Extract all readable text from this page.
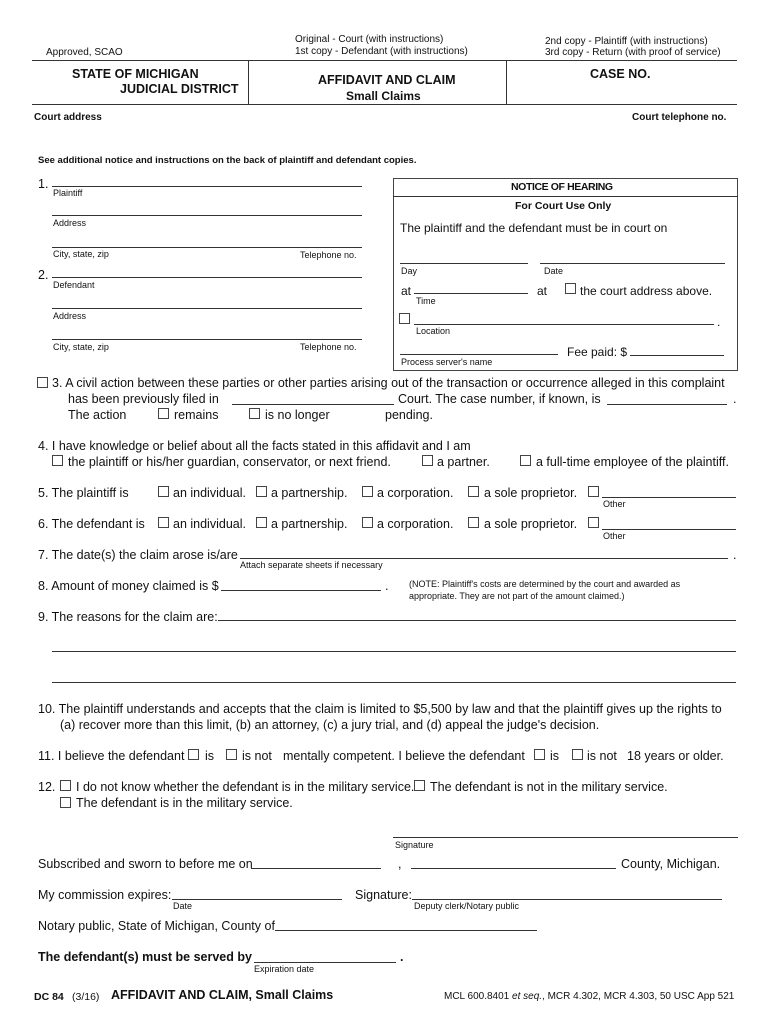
Approved, SCAO
Original - Court (with instructions)
1st copy - Defendant (with instructions)
2nd copy - Plaintiff (with instructions)
3rd copy - Return (with proof of service)
STATE OF MICHIGAN
JUDICIAL DISTRICT
AFFIDAVIT AND CLAIM
Small Claims
CASE NO.
Court address	Court telephone no.
See additional notice and instructions on the back of plaintiff and defendant copies.
1.
Plaintiff
Address
City, state, zip	Telephone no.
2.
Defendant
Address
City, state, zip	Telephone no.
NOTICE OF HEARING
For Court Use Only
The plaintiff and the defendant must be in court on
Day	Date
at
Time
at	the court address above.
Location
.
Process server's name
Fee paid: $
3. A civil action between these parties or other parties arising out of the transaction or occurrence alleged in this complaint
has been previously filed in	Court. The case number, if known, is	.
The action	remains	is no longer	pending.
4. I have knowledge or belief about all the facts stated in this affidavit and I am
the plaintiff or his/her guardian, conservator, or next friend.	a partner.	a full-time employee of the plaintiff.
5. The plaintiff is	an individual. a partnership. a corporation. a sole proprietor.
Other
6. The defendant is an individual. a partnership. a corporation. a sole proprietor.
Other
7. The date(s) the claim arose is/are
Attach separate sheets if necessary
.
8. Amount of money claimed is $	. (NOTE: Plaintiff's costs are determined by the court and awarded as
appropriate. They are not part of the amount claimed.)
9. The reasons for the claim are:
10. The plaintiff understands and accepts that the claim is limited to $5,500 by law and that the plaintiff gives up the rights to
(a) recover more than this limit, (b) an attorney, (c) a jury trial, and (d) appeal the judge's decision.
11. I believe the defendant is is not mentally competent. I believe the defendant is is not 18 years or older.
12. I do not know whether the defendant is in the military service. The defendant is not in the military service.
The defendant is in the military service.
Signature
Subscribed and sworn to before me on	,	County, Michigan.
My commission expires:
Date
Signature:
Deputy clerk/Notary public
Notary public, State of Michigan, County of
The defendant(s) must be served by	.
Expiration date
DC 84 (3/16) AFFIDAVIT AND CLAIM, Small Claims	MCL 600.8401 et seq., MCR 4.302, MCR 4.303, 50 USC App 521
